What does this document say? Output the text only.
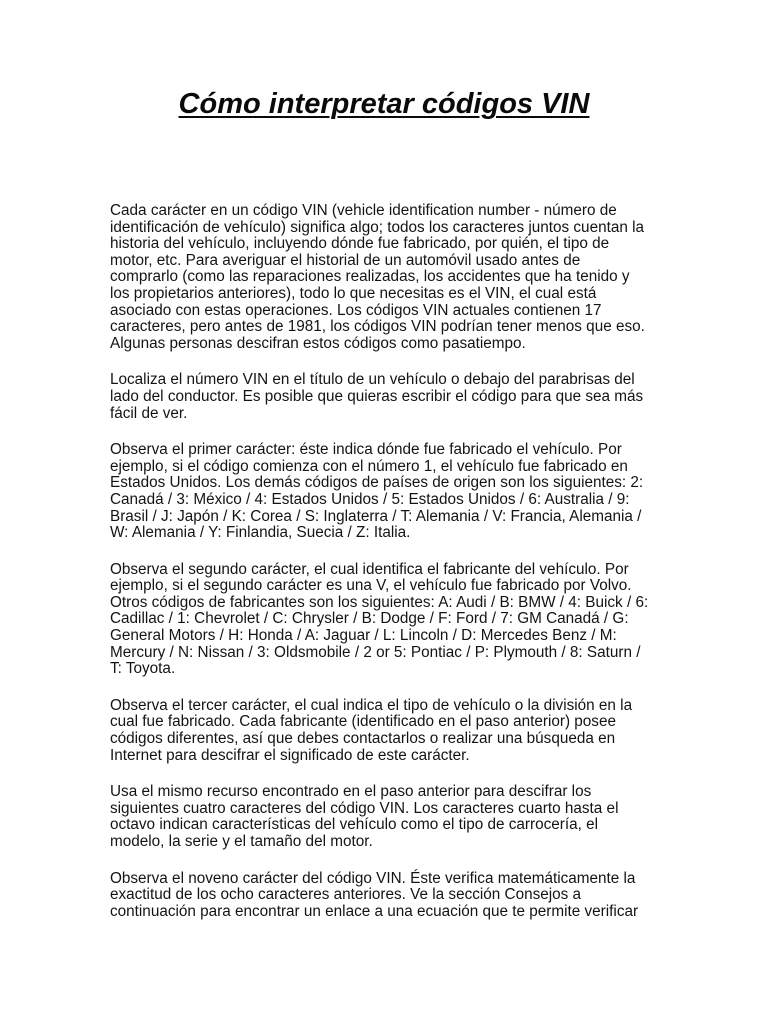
Cómo interpretar códigos VIN

Cada carácter en un código VIN (vehicle identification number - número de
identificación de vehículo) significa algo; todos los caracteres juntos cuentan la
historia del vehículo, incluyendo dónde fue fabricado, por quién, el tipo de
motor, etc. Para averiguar el historial de un automóvil usado antes de
comprarlo (como las reparaciones realizadas, los accidentes que ha tenido y
los propietarios anteriores), todo lo que necesitas es el VIN, el cual está
asociado con estas operaciones. Los códigos VIN actuales contienen 17
caracteres, pero antes de 1981, los códigos VIN podrían tener menos que eso.
Algunas personas descifran estos códigos como pasatiempo.

Localiza el número VIN en el título de un vehículo o debajo del parabrisas del
lado del conductor. Es posible que quieras escribir el código para que sea más
fácil de ver.

Observa el primer carácter: éste indica dónde fue fabricado el vehículo. Por
ejemplo, si el código comienza con el número 1, el vehículo fue fabricado en
Estados Unidos. Los demás códigos de países de origen son los siguientes: 2:
Canadá / 3: México / 4: Estados Unidos / 5: Estados Unidos / 6: Australia / 9:
Brasil / J: Japón / K: Corea / S: Inglaterra / T: Alemania / V: Francia, Alemania /
W: Alemania / Y: Finlandia, Suecia / Z: Italia.

Observa el segundo carácter, el cual identifica el fabricante del vehículo. Por
ejemplo, si el segundo carácter es una V, el vehículo fue fabricado por Volvo.
Otros códigos de fabricantes son los siguientes: A: Audi / B: BMW / 4: Buick / 6:
Cadillac / 1: Chevrolet / C: Chrysler / B: Dodge / F: Ford / 7: GM Canadá / G:
General Motors / H: Honda / A: Jaguar / L: Lincoln / D: Mercedes Benz / M:
Mercury / N: Nissan / 3: Oldsmobile / 2 or 5: Pontiac / P: Plymouth / 8: Saturn /
T: Toyota.

Observa el tercer carácter, el cual indica el tipo de vehículo o la división en la
cual fue fabricado. Cada fabricante (identificado en el paso anterior) posee
códigos diferentes, así que debes contactarlos o realizar una búsqueda en
Internet para descifrar el significado de este carácter.

Usa el mismo recurso encontrado en el paso anterior para descifrar los
siguientes cuatro caracteres del código VIN. Los caracteres cuarto hasta el
octavo indican características del vehículo como el tipo de carrocería, el
modelo, la serie y el tamaño del motor.

Observa el noveno carácter del código VIN. Éste verifica matemáticamente la
exactitud de los ocho caracteres anteriores. Ve la sección Consejos a
continuación para encontrar un enlace a una ecuación que te permite verificar
